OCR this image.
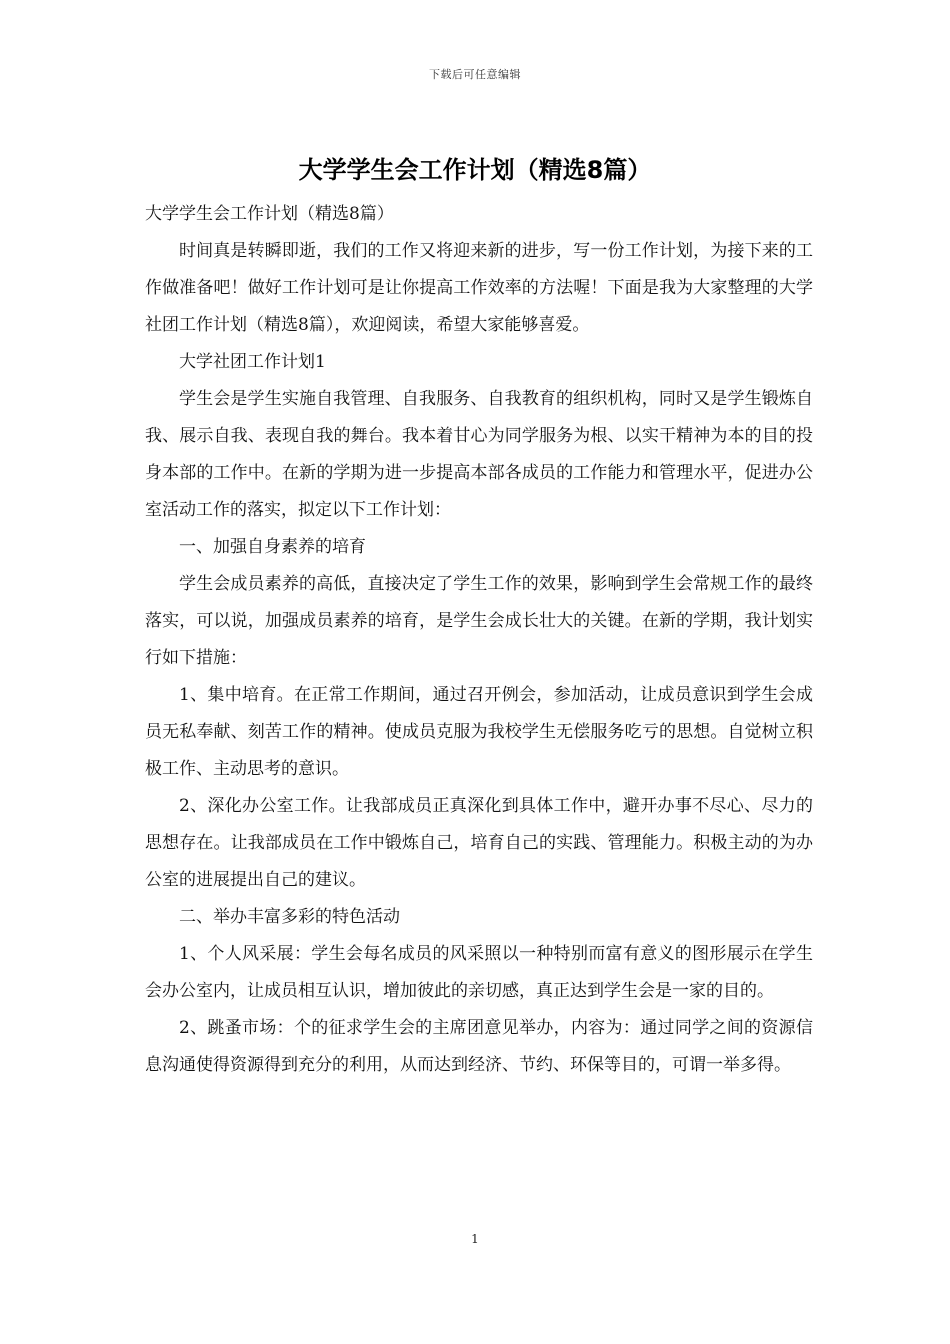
下载后可任意编辑
大学学生会工作计划（精选8篇）

大学学生会工作计划（精选8篇）

时间真是转瞬即逝，我们的工作又将迎来新的进步，写一份工作计划，为接下来的工作做准备吧！做好工作计划可是让你提高工作效率的方法喔！下面是我为大家整理的大学社团工作计划（精选8篇），欢迎阅读，希望大家能够喜爱。

大学社团工作计划1

学生会是学生实施自我管理、自我服务、自我教育的组织机构，同时又是学生锻炼自我、展示自我、表现自我的舞台。我本着甘心为同学服务为根、以实干精神为本的目的投身本部的工作中。在新的学期为进一步提高本部各成员的工作能力和管理水平，促进办公室活动工作的落实，拟定以下工作计划：

一、加强自身素养的培育

学生会成员素养的高低，直接决定了学生工作的效果，影响到学生会常规工作的最终落实，可以说，加强成员素养的培育，是学生会成长壮大的关键。在新的学期，我计划实行如下措施：

1、集中培育。在正常工作期间，通过召开例会，参加活动，让成员意识到学生会成员无私奉献、刻苦工作的精神。使成员克服为我校学生无偿服务吃亏的思想。自觉树立积极工作、主动思考的意识。

2、深化办公室工作。让我部成员正真深化到具体工作中，避开办事不尽心、尽力的思想存在。让我部成员在工作中锻炼自己，培育自己的实践、管理能力。积极主动的为办公室的进展提出自己的建议。

二、举办丰富多彩的特色活动

1、个人风采展：学生会每名成员的风采照以一种特别而富有意义的图形展示在学生会办公室内，让成员相互认识，增加彼此的亲切感，真正达到学生会是一家的目的。

2、跳蚤市场：个的征求学生会的主席团意见举办，内容为：通过同学之间的资源信息沟通使得资源得到充分的利用，从而达到经济、节约、环保等目的，可谓一举多得。

1
